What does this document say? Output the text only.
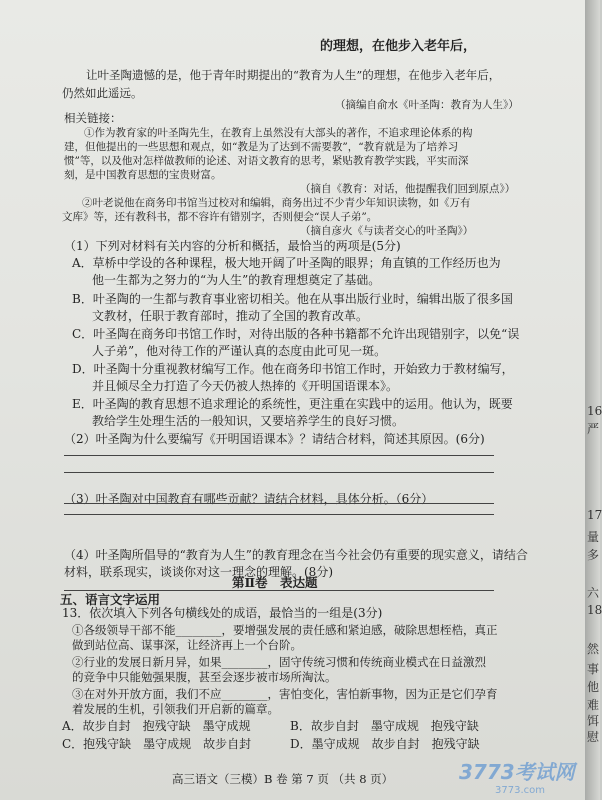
的理想，在他步入老年后，
让叶圣陶遗憾的是，他于青年时期提出的“教育为人生”的理想，在他步入老年后，
仍然如此遥远。
（摘编自俞水《叶圣陶：教育为人生》）
相关链接：
①作为教育家的叶圣陶先生，在教育上虽然没有大部头的著作，不追求理论体系的构
建，但他提出的一些思想和观点，如“教是为了达到不需要教”，“教育就是为了培养习
惯”等，以及他对怎样做教师的论述、对语文教育的思考，紧贴教育教学实践，平实而深
刻，是中国教育思想的宝贵财富。
（摘自《教育：对话，他提醒我们回到原点》）
②叶老说他在商务印书馆当过校对和编辑，商务出过不少青少年知识读物，如《万有
文库》等，还有教科书，都不容许有错别字，否则便会“误人子弟”。
（摘自彦火《与读者交心的叶圣陶》）
（1）下列对材料有关内容的分析和概括，最恰当的两项是(5分)
A．草桥中学设的各种课程，极大地开阔了叶圣陶的眼界；角直镇的工作经历也为
他一生都为之努力的“为人生”的教育理想奠定了基础。
B．叶圣陶的一生都与教育事业密切相关。他在从事出版行业时，编辑出版了很多国
文教材，任职于教育部时，推动了全国的教育改革。
C．叶圣陶在商务印书馆工作时，对待出版的各种书籍都不允许出现错别字，以免“误
人子弟”，他对待工作的严谨认真的态度由此可见一斑。
D．叶圣陶十分重视教材编写工作。他在商务印书馆工作时，开始致力于教材编写，
并且倾尽全力打造了今天仍被人热捧的《开明国语课本》。
E．叶圣陶的教育思想不追求理论的系统性，更注重在实践中的运用。他认为，既要
教给学生处理生活的一般知识，又要培养学生的良好习惯。
（2）叶圣陶为什么要编写《开明国语课本》？请结合材料，简述其原因。(6分)
（3）叶圣陶对中国教育有哪些贡献？请结合材料，具体分析。（6分）
（4）叶圣陶所倡导的“教育为人生”的教育理念在当今社会仍有重要的现实意义，请结合
材料，联系现实，谈谈你对这一理念的理解。(8分)
第Ⅱ卷　表达题
五、语言文字运用
13．依次填入下列各句横线处的成语，最恰当的一组是(3分)
①各级领导干部不能________，要增强发展的责任感和紧迫感，破除思想桎梏，真正
做到站位高、谋事深，让经济再上一个台阶。
②行业的发展日新月异，如果________，固守传统习惯和传统商业模式在日益激烈
的竞争中只能勉强果腹，甚至会逐步被市场所淘汰。
③在对外开放方面，我们不应________，害怕变化，害怕新事物，因为正是它们孕育
着发展的生机，引领我们开启新的篇章。
A．故步自封　抱残守缺　墨守成规	B．故步自封　墨守成规　抱残守缺
C．抱残守缺　墨守成规　故步自封	D．墨守成规　故步自封　抱残守缺
16
严
17
量
多
六
18
然
事
他
难
饵
慰
3773考试网
3773.com
高三语文（三模）B 卷 第 7 页 （共 8 页）
